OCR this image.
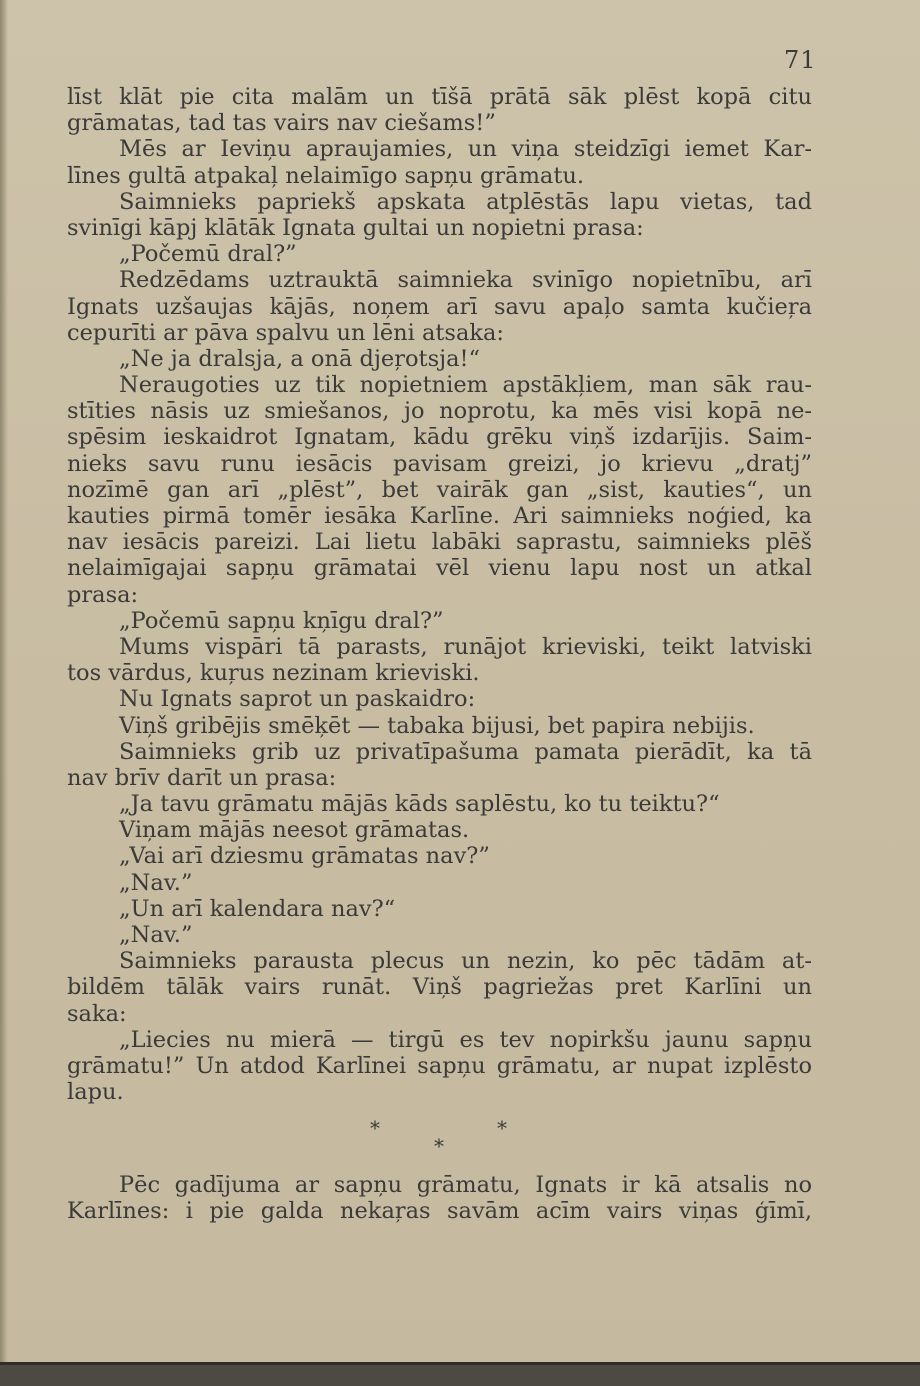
71
līst klāt pie cita malām un tīšā prātā sāk plēst kopā citu
grāmatas, tad tas vairs nav ciešams!”
Mēs ar Ieviņu apraujamies, un viņa steidzīgi iemet Kar-
līnes gultā atpakaļ nelaimīgo sapņu grāmatu.
Saimnieks papriekš apskata atplēstās lapu vietas, tad
svinīgi kāpj klātāk Ignata gultai un nopietni prasa:
„Počemū dral?”
Redzēdams uztrauktā saimnieka svinīgo nopietnību, arī
Ignats uzšaujas kājās, noņem arī savu apaļo samta kučieŗa
cepurīti ar pāva spalvu un lēni atsaka:
„Ne ja dralsja, a onā djeŗotsja!“
Neraugoties uz tik nopietniem apstākļiem, man sāk rau-
stīties nāsis uz smiešanos, jo noprotu, ka mēs visi kopā ne-
spēsim ieskaidrot Ignatam, kādu grēku viņš izdarījis. Saim-
nieks savu runu iesācis pavisam greizi, jo krievu „dratj”
nozīmē gan arī „plēst”, bet vairāk gan „sist, kauties“, un
kauties pirmā tomēr iesāka Karlīne. Ari saimnieks noģied, ka
nav iesācis pareizi. Lai lietu labāki saprastu, saimnieks plēš
nelaimīgajai sapņu grāmatai vēl vienu lapu nost un atkal
prasa:
„Počemū sapņu kņīgu dral?”
Mums vispāri tā parasts, runājot krieviski, teikt latviski
tos vārdus, kuŗus nezinam krieviski.
Nu Ignats saprot un paskaidro:
Viņš gribējis smēķēt — tabaka bijusi, bet papira nebijis.
Saimnieks grib uz privatīpašuma pamata pierādīt, ka tā
nav brīv darīt un prasa:
„Ja tavu grāmatu mājās kāds saplēstu, ko tu teiktu?“
Viņam mājās neesot grāmatas.
„Vai arī dziesmu grāmatas nav?”
„Nav.”
„Un arī kalendara nav?“
„Nav.”
Saimnieks parausta plecus un nezin, ko pēc tādām at-
bildēm tālāk vairs runāt. Viņš pagriežas pret Karlīni un
saka:
„Liecies nu mierā — tirgū es tev nopirkšu jaunu sapņu
grāmatu!” Un atdod Karlīnei sapņu grāmatu, ar nupat izplēsto
lapu.
*	*
*
Pēc gadījuma ar sapņu grāmatu, Ignats ir kā atsalis no
Karlīnes: i pie galda nekaŗas savām acīm vairs viņas ģīmī,
